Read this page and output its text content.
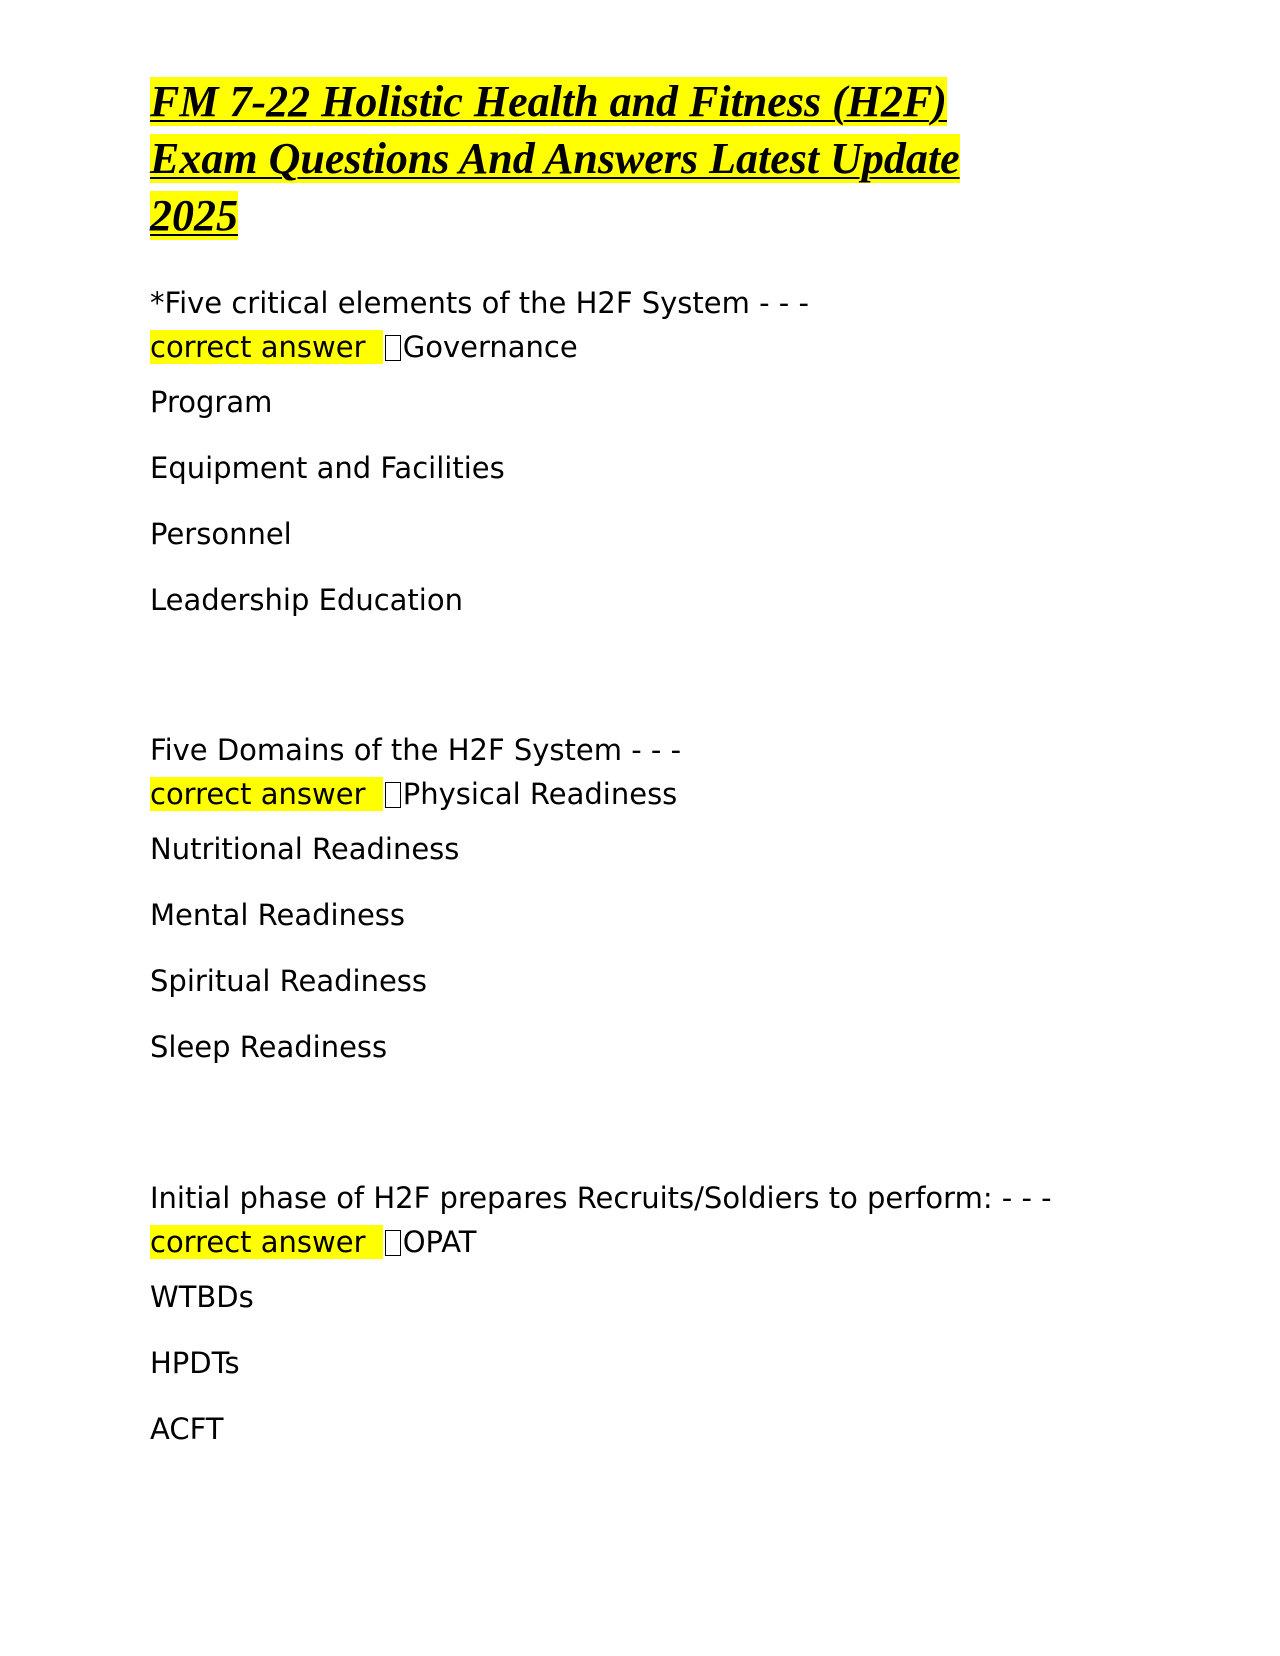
FM 7-22 Holistic Health and Fitness (H2F)
Exam Questions And Answers Latest Update
2025
*Five critical elements of the H2F System - - -
correct answer Governance
Program
Equipment and Facilities
Personnel
Leadership Education
Five Domains of the H2F System - - -
correct answer Physical Readiness
Nutritional Readiness
Mental Readiness
Spiritual Readiness
Sleep Readiness
Initial phase of H2F prepares Recruits/Soldiers to perform: - - -
correct answer OPAT
WTBDs
HPDTs
ACFT
